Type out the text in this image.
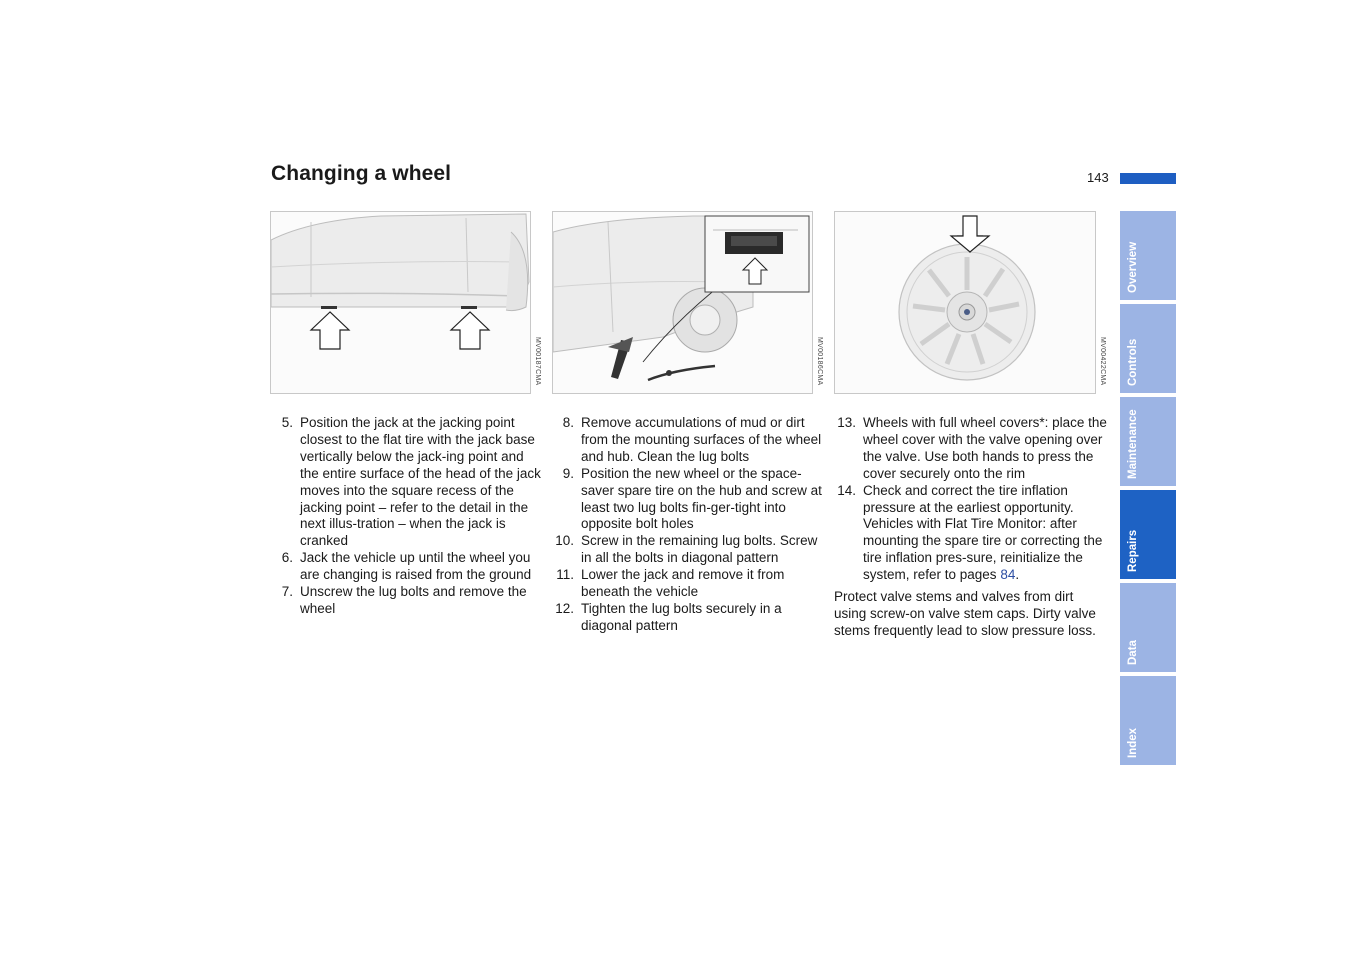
Changing a wheel	143
MV00187CMA	MV00186CMA	MV00422CMA
5. Position the jack at the jacking point closest to the flat tire with the jack base vertically below the jack-ing point and the entire surface of the head of the jack moves into the square recess of the jacking point – refer to the detail in the next illus-tration – when the jack is cranked
6. Jack the vehicle up until the wheel you are changing is raised from the ground
7. Unscrew the lug bolts and remove the wheel
8. Remove accumulations of mud or dirt from the mounting surfaces of the wheel and hub. Clean the lug bolts
9. Position the new wheel or the space-saver spare tire on the hub and screw at least two lug bolts fin-ger-tight into opposite bolt holes
10. Screw in the remaining lug bolts. Screw in all the bolts in diagonal pattern
11. Lower the jack and remove it from beneath the vehicle
12. Tighten the lug bolts securely in a diagonal pattern
13. Wheels with full wheel covers*: place the wheel cover with the valve opening over the valve. Use both hands to press the cover securely onto the rim
14. Check and correct the tire inflation pressure at the earliest opportunity. Vehicles with Flat Tire Monitor: after mounting the spare tire or correcting the tire inflation pres-sure, reinitialize the system, refer to pages 84.
Protect valve stems and valves from dirt using screw-on valve stem caps. Dirty valve stems frequently lead to slow pressure loss.
Overview
Controls
Maintenance
Repairs
Data
Index
